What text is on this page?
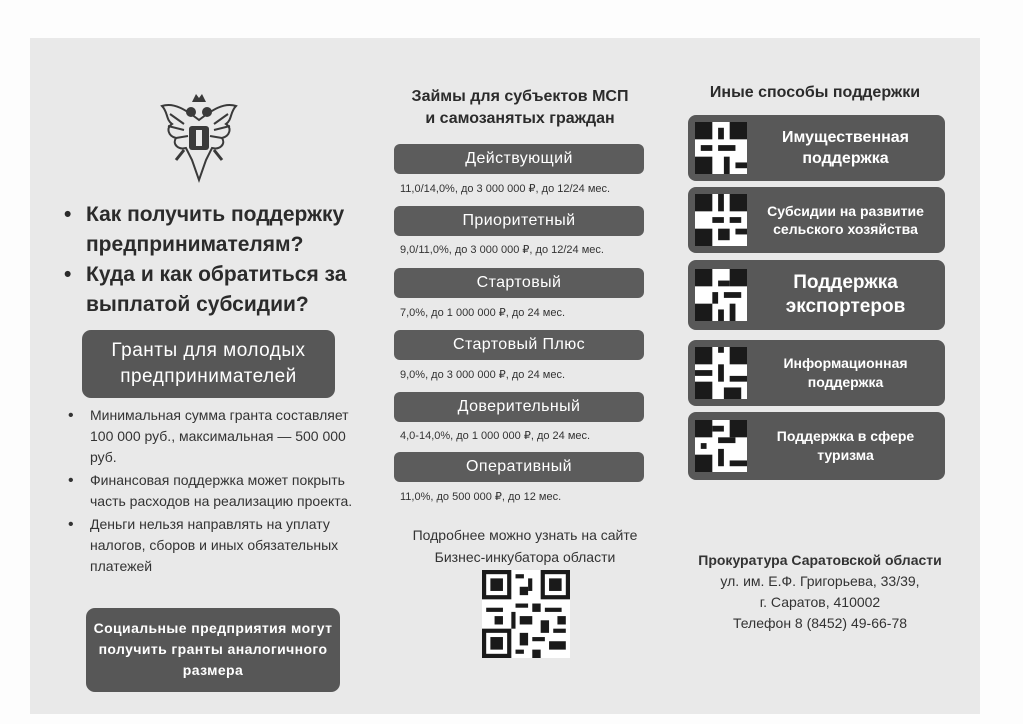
• Как получить поддержку предпринимателям?
• Куда и как обратиться за выплатой субсидии?
Гранты для молодых предпринимателей
• Минимальная сумма гранта составляет 100 000 руб., максимальная — 500 000 руб.
• Финансовая поддержка может покрыть часть расходов на реализацию проекта.
• Деньги нельзя направлять на уплату налогов, сборов и иных обязательных платежей
Социальные предприятия могут получить гранты аналогичного размера
Займы для субъектов МСП
и самозанятых граждан
Действующий
11,0/14,0%, до 3 000 000 ₽, до 12/24 мес.
Приоритетный
9,0/11,0%, до 3 000 000 ₽, до 12/24 мес.
Стартовый
7,0%, до 1 000 000 ₽, до 24 мес.
Стартовый Плюс
9,0%, до 3 000 000 ₽, до 24 мес.
Доверительный
4,0-14,0%, до 1 000 000 ₽, до 24 мес.
Оперативный
11,0%, до 500 000 ₽, до 12 мес.
Подробнее можно узнать на сайте
Бизнес-инкубатора области
Иные способы поддержки
Имущественная
поддержка
Субсидии на развитие
сельского хозяйства
Поддержка
экспортеров
Информационная
поддержка
Поддержка в сфере
туризма
Прокуратура Саратовской области
ул. им. Е.Ф. Григорьева, 33/39,
г. Саратов, 410002
Телефон 8 (8452) 49-66-78
